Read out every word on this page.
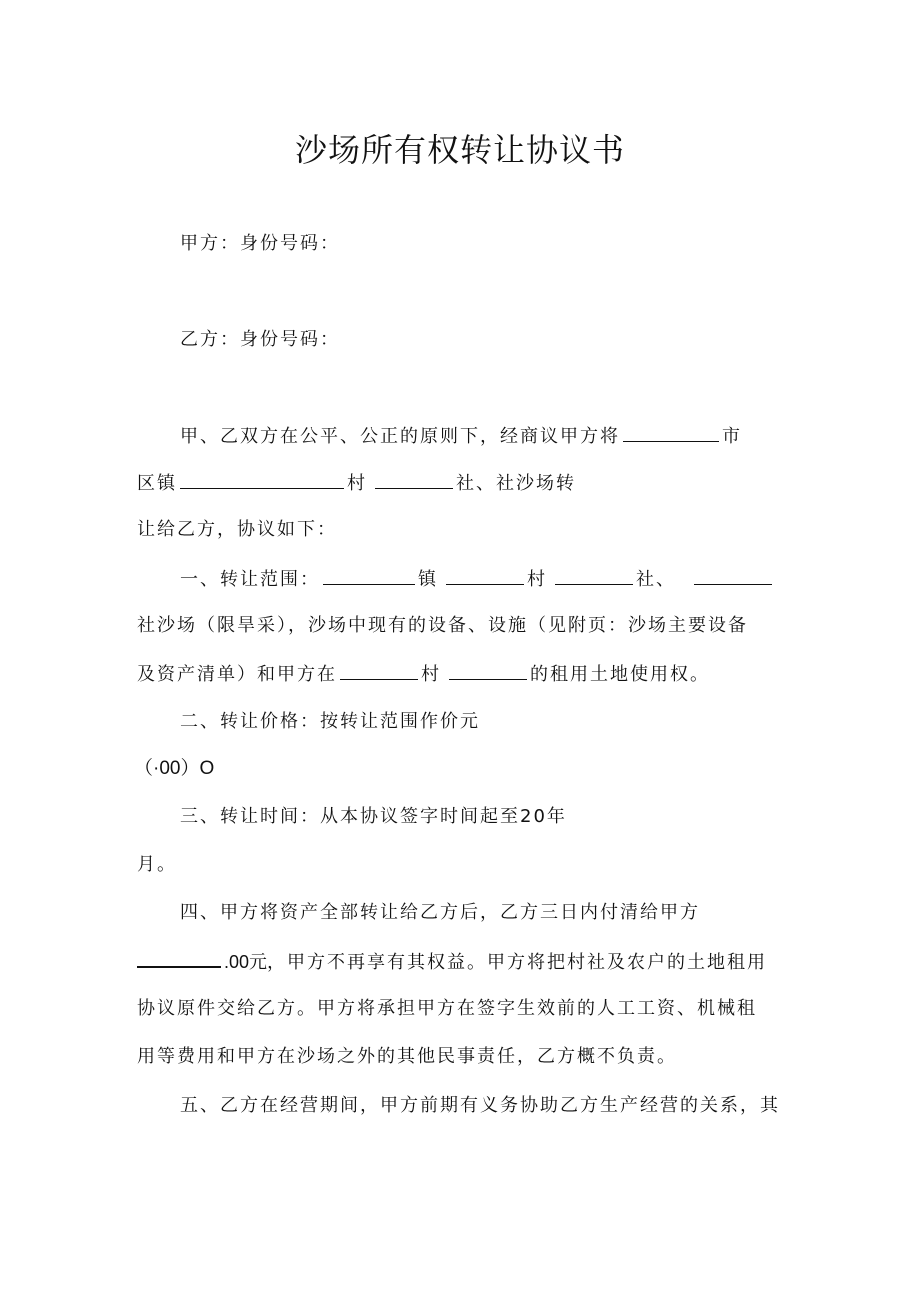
沙场所有权转让协议书
甲方：身份号码：
乙方：身份号码：
甲、乙双方在公平、公正的原则下，经商议甲方将	市
区镇	村	社、社沙场转
让给乙方，协议如下：
一、转让范围：	镇	村	社、
社沙场（限旱采），沙场中现有的设备、设施（见附页：沙场主要设备
及资产清单）和甲方在	村	的租用土地使用权。
二、转让价格：按转让范围作价元
（·00）O
三、转让时间：从本协议签字时间起至20年
月。
四、甲方将资产全部转让给乙方后，乙方三日内付清给甲方
.00元，甲方不再享有其权益。甲方将把村社及农户的土地租用
协议原件交给乙方。甲方将承担甲方在签字生效前的人工工资、机械租
用等费用和甲方在沙场之外的其他民事责任，乙方概不负责。
五、乙方在经营期间，甲方前期有义务协助乙方生产经营的关系，其
